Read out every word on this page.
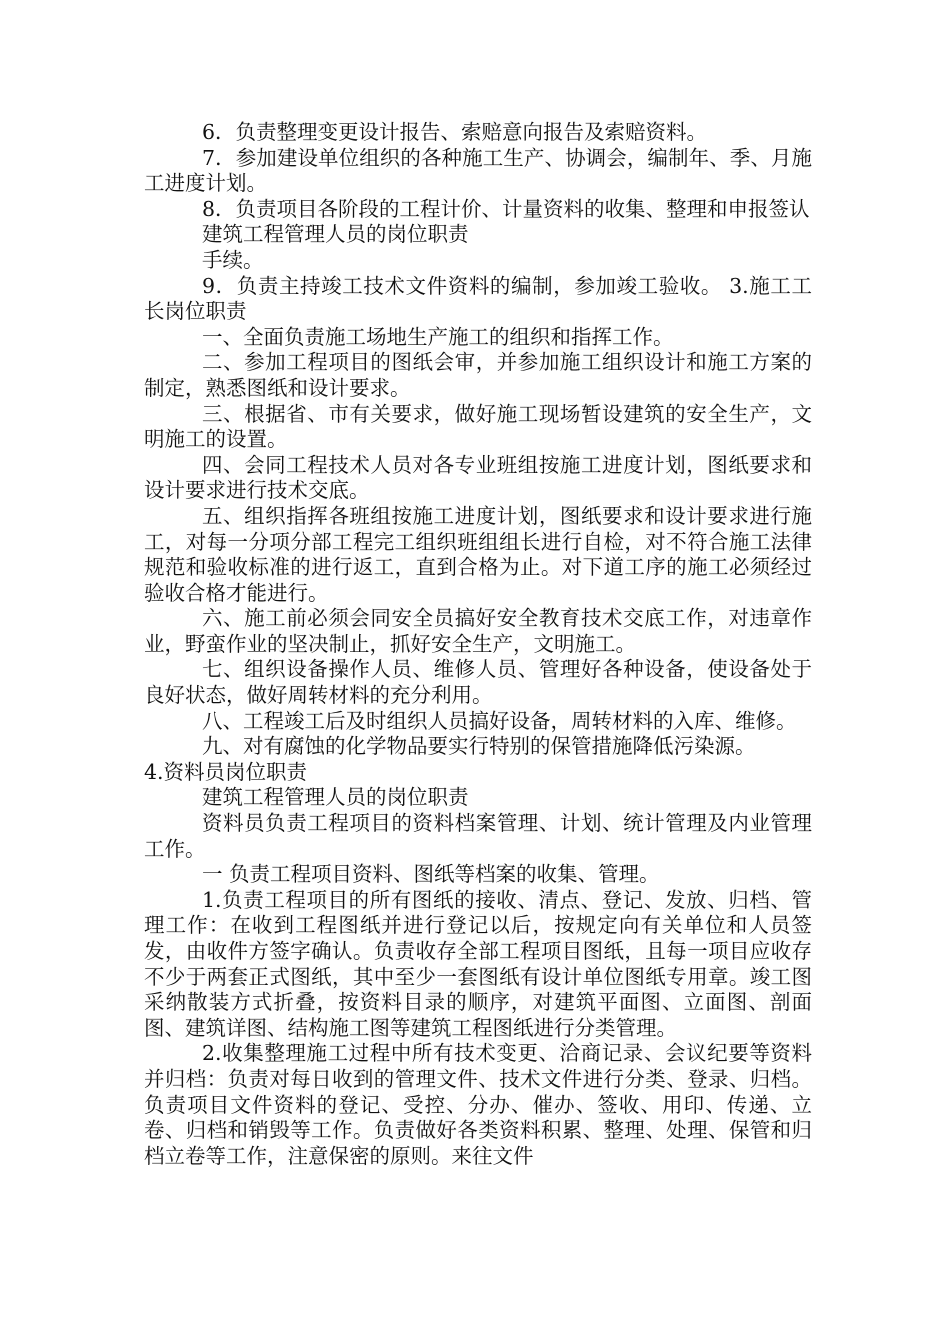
6．负责整理变更设计报告、索赔意向报告及索赔资料。

7．参加建设单位组织的各种施工生产、协调会，编制年、季、月施工进度计划。

8．负责项目各阶段的工程计价、计量资料的收集、整理和申报签认

建筑工程管理人员的岗位职责

手续。

9．负责主持竣工技术文件资料的编制，参加竣工验收。 3.施工工长岗位职责

一、全面负责施工场地生产施工的组织和指挥工作。

二、参加工程项目的图纸会审，并参加施工组织设计和施工方案的制定，熟悉图纸和设计要求。

三、根据省、市有关要求，做好施工现场暂设建筑的安全生产，文明施工的设置。

四、会同工程技术人员对各专业班组按施工进度计划，图纸要求和设计要求进行技术交底。

五、组织指挥各班组按施工进度计划，图纸要求和设计要求进行施工，对每一分项分部工程完工组织班组组长进行自检，对不符合施工法律规范和验收标准的进行返工，直到合格为止。对下道工序的施工必须经过验收合格才能进行。

六、施工前必须会同安全员搞好安全教育技术交底工作，对违章作业，野蛮作业的坚决制止，抓好安全生产，文明施工。

七、组织设备操作人员、维修人员、管理好各种设备，使设备处于良好状态，做好周转材料的充分利用。

八、工程竣工后及时组织人员搞好设备，周转材料的入库、维修。

九、对有腐蚀的化学物品要实行特别的保管措施降低污染源。

4.资料员岗位职责

建筑工程管理人员的岗位职责

资料员负责工程项目的资料档案管理、计划、统计管理及内业管理工作。

一 负责工程项目资料、图纸等档案的收集、管理。

1.负责工程项目的所有图纸的接收、清点、登记、发放、归档、管理工作：在收到工程图纸并进行登记以后，按规定向有关单位和人员签发，由收件方签字确认。负责收存全部工程项目图纸，且每一项目应收存不少于两套正式图纸，其中至少一套图纸有设计单位图纸专用章。竣工图采纳散装方式折叠，按资料目录的顺序，对建筑平面图、立面图、剖面图、建筑详图、结构施工图等建筑工程图纸进行分类管理。

2.收集整理施工过程中所有技术变更、洽商记录、会议纪要等资料并归档：负责对每日收到的管理文件、技术文件进行分类、登录、归档。负责项目文件资料的登记、受控、分办、催办、签收、用印、传递、立卷、归档和销毁等工作。负责做好各类资料积累、整理、处理、保管和归档立卷等工作，注意保密的原则。来往文件
